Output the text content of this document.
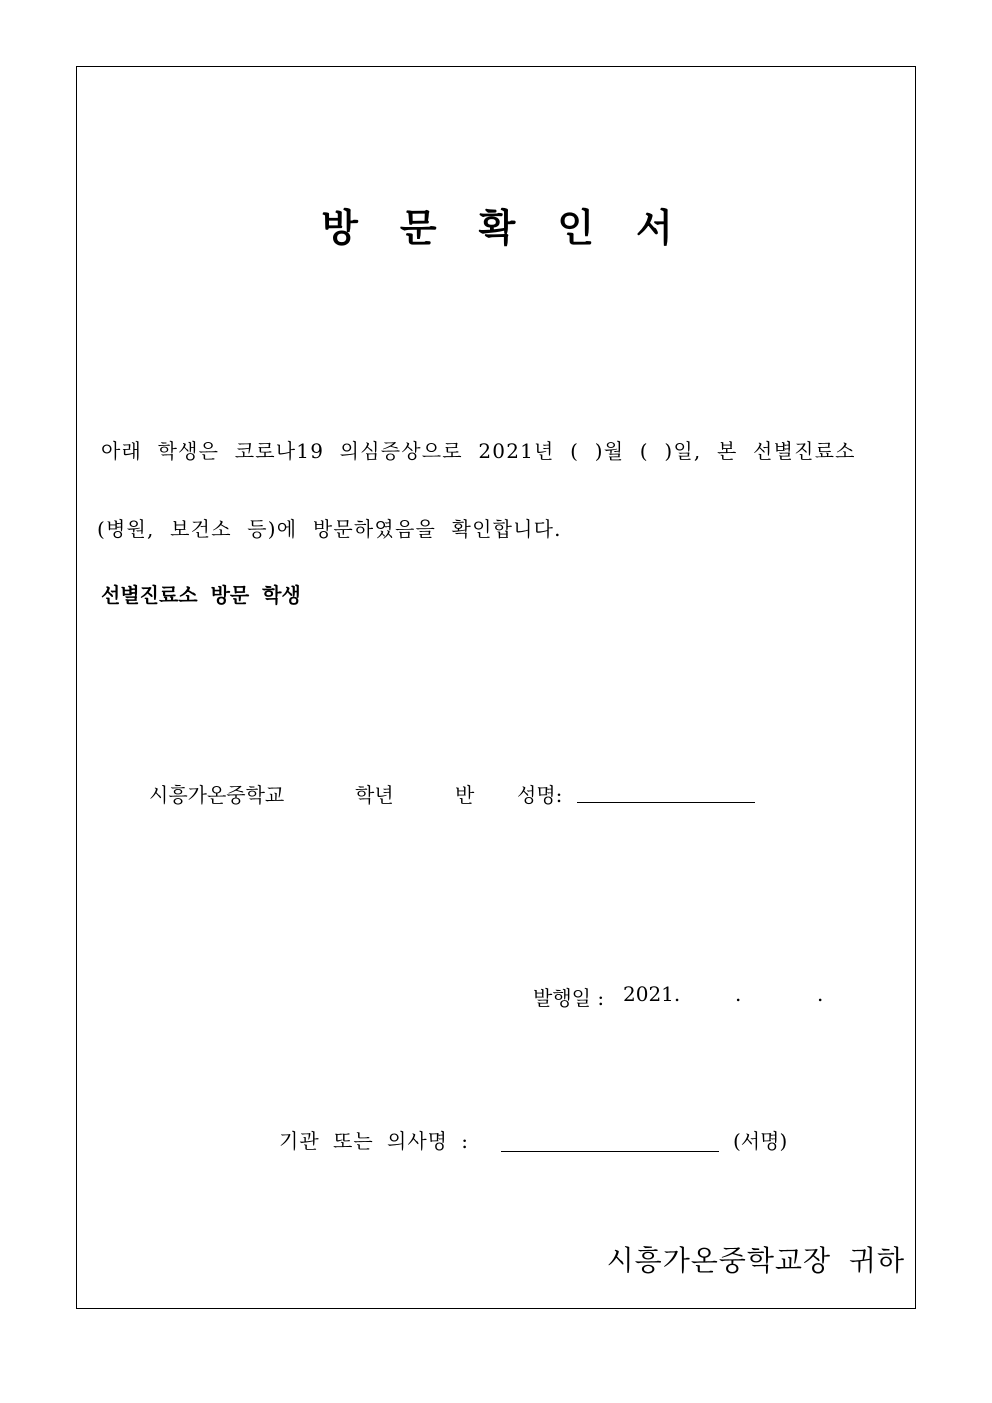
방문확인서
아래 학생은 코로나19 의심증상으로 2021년 ( )월 ( )일, 본 선별진료소
(병원, 보건소 등)에 방문하였음을 확인합니다.
선별진료소 방문 학생
시흥가온중학교	학년	반 성명:
발행일 : 2021.	.	.
기관 또는 의사명 :	(서명)
시흥가온중학교장 귀하
